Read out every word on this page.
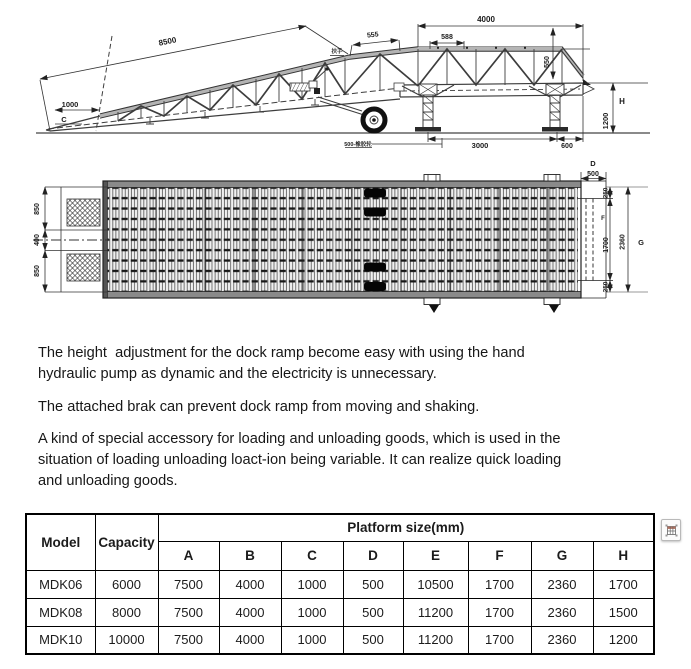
8500
4000
588
555
550
1000
C	1200
H
3000	600
500-橡胶轮
扶手
850
400
850
D
500
250
F
1700
250
2360 G
The height  adjustment for the dock ramp become easy with using the hand
hydraulic pump as dynamic and the electricity is unnecessary.
The attached brak can prevent dock ramp from moving and shaking.
A kind of special accessory for loading and unloading goods, which is used in the
situation of loading unloading loact-ion being variable. It can realize quick loading
and unloading goods.
Model	Capacity	Platform size(mm)							
		A	B	C	D	E	F	G	H
MDK06	6000	7500	4000	1000	500	10500	1700	2360	1700
MDK08	8000	7500	4000	1000	500	11200	1700	2360	1500
MDK10	10000	7500	4000	1000	500	11200	1700	2360	1200
